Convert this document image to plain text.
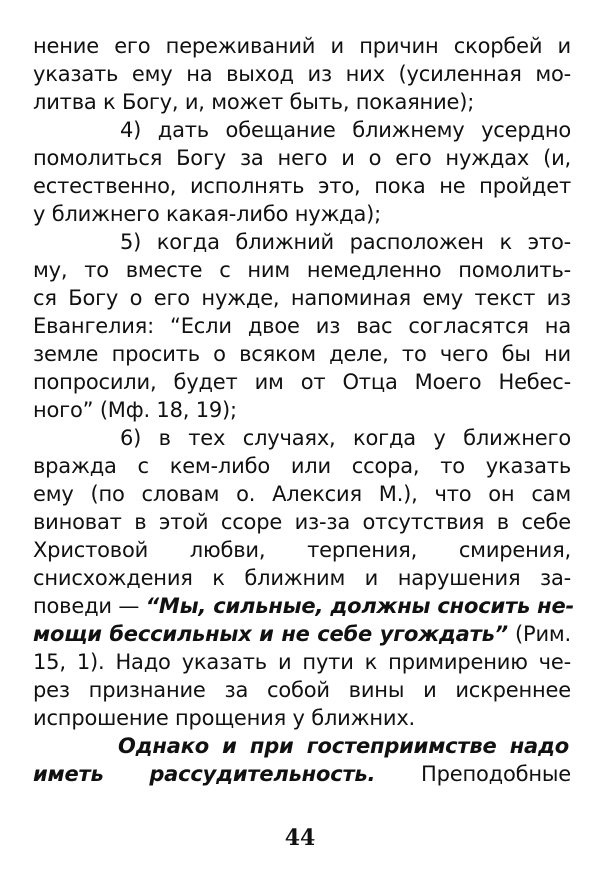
нение его переживаний и причин скорбей и
указать ему на выход из них (усиленная мо-
литва к Богу, и, может быть, покаяние);
4) дать обещание ближнему усердно
помолиться Богу за него и о его нуждах (и,
естественно, исполнять это, пока не пройдет
у ближнего какая-либо нужда);
5) когда ближний расположен к это-
му, то вместе с ним немедленно помолить-
ся Богу о его нужде, напоминая ему текст из
Евангелия: “Если двое из вас согласятся на
земле просить о всяком деле, то чего бы ни
попросили, будет им от Отца Моего Небес-
ного” (Мф. 18, 19);
6) в тех случаях, когда у ближнего
вражда с кем-либо или ссора, то указать
ему (по словам о. Алексия М.), что он сам
виноват в этой ссоре из-за отсутствия в себе
Христовой любви, терпения, смирения,
снисхождения к ближним и нарушения за-
поведи — “Мы, сильные, должны сносить не-
мощи бессильных и не себе угождать” (Рим.
15, 1). Надо указать и пути к примирению че-
рез признание за собой вины и искреннее
испрошение прощения у ближних.
Однако и при гостеприимстве надо
иметь рассудительность. Преподобные
44
